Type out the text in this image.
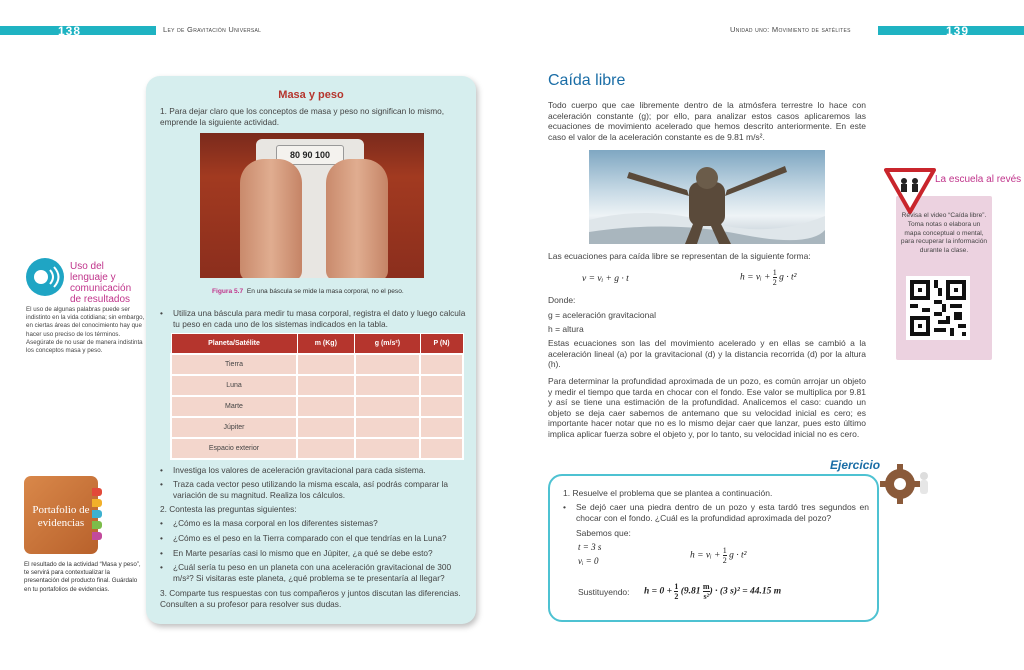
138	Ley de Gravitación Universal	Unidad uno: Movimiento de satélites	139
Uso del lenguaje y comunicación de resultados
El uso de algunas palabras puede ser indistinto en la vida cotidiana; sin embargo, en ciertas áreas del conocimiento hay que hacer uso preciso de los términos. Asegúrate de no usar de manera indistinta los conceptos masa y peso.
Portafolio de evidencias
El resultado de la actividad “Masa y peso”, te servirá para contextualizar la presentación del producto final. Guárdalo en tu portafolios de evidencias.
Masa y peso
1. Para dejar claro que los conceptos de masa y peso no significan lo mismo, emprende la siguiente actividad.
80 90 100
Figura 5.7 En una báscula se mide la masa corporal, no el peso.
• Utiliza una báscula para medir tu masa corporal, registra el dato y luego calcula tu peso en cada uno de los sistemas indicados en la tabla.
Planeta/Satélite	m (Kg)	g (m/s²)	P (N)
Tierra			
Luna			
Marte			
Júpiter			
Espacio exterior			
• Investiga los valores de aceleración gravitacional para cada sistema.
• Traza cada vector peso utilizando la misma escala, así podrás comparar la variación de su magnitud. Realiza los cálculos.
2. Contesta las preguntas siguientes:
• ¿Cómo es la masa corporal en los diferentes sistemas?
• ¿Cómo es el peso en la Tierra comparado con el que tendrías en la Luna?
• En Marte pesarías casi lo mismo que en Júpiter, ¿a qué se debe esto?
• ¿Cuál sería tu peso en un planeta con una aceleración gravitacional de 300 m/s²? Si visitaras este planeta, ¿qué problema se te presentaría al llegar?
3. Comparte tus respuestas con tus compañeros y juntos discutan las diferencias. Consulten a su profesor para resolver sus dudas.
Caída libre
Todo cuerpo que cae libremente dentro de la atmósfera terrestre lo hace con aceleración constante (g); por ello, para analizar estos casos aplicaremos las ecuaciones de movimiento acelerado que hemos descrito anteriormente. En este caso el valor de la aceleración constante es de 9.81 m/s².
Las ecuaciones para caída libre se representan de la siguiente forma:
v = vᵢ + g · t	h = vᵢ + $\frac{1}{2}$ g · t²
Donde:
g = aceleración gravitacional
h = altura
Estas ecuaciones son las del movimiento acelerado y en ellas se cambió a la aceleración lineal (a) por la gravitacional (d) y la distancia recorrida (d) por la altura (h).
Para determinar la profundidad aproximada de un pozo, es común arrojar un objeto y medir el tiempo que tarda en chocar con el fondo. Ese valor se multiplica por 9.81 y así se tiene una estimación de la profundidad. Analicemos el caso: cuando un objeto se deja caer sabemos de antemano que su velocidad inicial es cero; es importante hacer notar que no es lo mismo dejar caer que lanzar, pues esto último implica aplicar fuerza sobre el objeto y, por lo tanto, su velocidad inicial no es cero.
La escuela al revés
Revisa el video “Caída libre”. Toma notas o elabora un mapa conceptual o mental, para recuperar la información durante la clase.
Ejercicio
1. Resuelve el problema que se plantea a continuación.
• Se dejó caer una piedra dentro de un pozo y esta tardó tres segundos en chocar con el fondo. ¿Cuál es la profundidad aproximada del pozo?
Sabemos que:
t = 3 s
vᵢ = 0
h = vᵢ + $\frac{1}{2}$ g · t²
Sustituyendo:	$h = 0 + \frac{1}{2} (9.81 \frac{m}{\text{s²}}$ ) · (3 s)² = 44.15 m
